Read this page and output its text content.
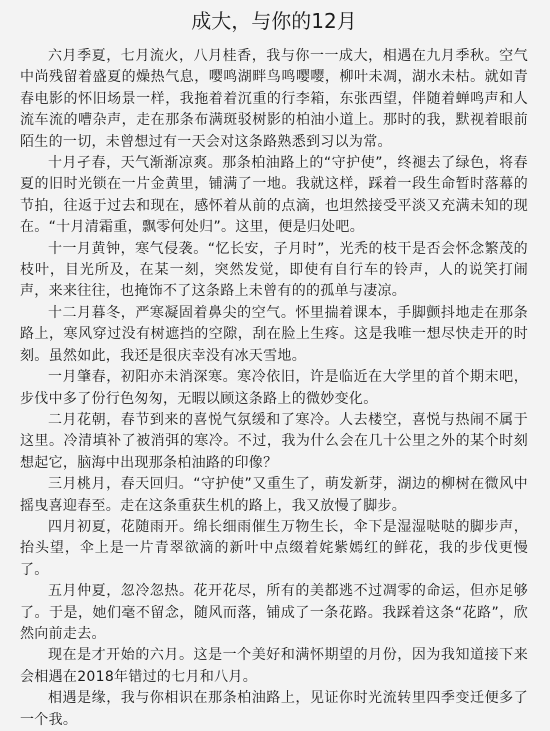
成大，与你的12月

六月季夏，七月流火，八月桂香，我与你一一成大，相遇在九月季秋。空气中尚残留着盛夏的燥热气息，嘤鸣湖畔鸟鸣嘤嘤，柳叶未凋，湖水未枯。就如青春电影的怀旧场景一样，我拖着着沉重的行李箱，东张西望，伴随着蝉鸣声和人流车流的嘈杂声，走在那条布满斑驳树影的柏油小道上。那时的我，默视着眼前陌生的一切，未曾想过有一天会对这条路熟悉到习以为常。

十月孑春，天气渐渐凉爽。那条柏油路上的“守护使”，终褪去了绿色，将春夏的旧时光锁在一片金黄里，铺满了一地。我就这样，踩着一段生命暂时落幕的节拍，往返于过去和现在，感怀着从前的点滴，也坦然接受平淡又充满未知的现在。“十月清霜重，飘零何处归”。这里，便是归处吧。

十一月黄钟，寒气侵袭。“忆长安，子月时”，光秃的枝干是否会怀念繁茂的枝叶，目光所及，在某一刻，突然发觉，即使有自行车的铃声，人的说笑打闹声，来来往往，也掩饰不了这条路上未曾有的的孤单与凄凉。

十二月暮冬，严寒凝固着鼻尖的空气。怀里揣着课本，手脚颤抖地走在那条路上，寒风穿过没有树遮挡的空隙，刮在脸上生疼。这是我唯一想尽快走开的时刻。虽然如此，我还是很庆幸没有冰天雪地。

一月肇春，初阳亦未消深寒。寒冷依旧，许是临近在大学里的首个期末吧，步伐中多了份行色匆匆，无暇以顾这条路上的微妙变化。

二月花朝，春节到来的喜悦气氛缓和了寒冷。人去楼空，喜悦与热闹不属于这里。冷清填补了被消弭的寒冷。不过，我为什么会在几十公里之外的某个时刻想起它，脑海中出现那条柏油路的印像？

三月桃月，春天回归。“守护使”又重生了，萌发新芽，湖边的柳树在微风中摇曳喜迎春至。走在这条重获生机的路上，我又放慢了脚步。

四月初夏，花随雨开。绵长细雨催生万物生长，伞下是湿湿哒哒的脚步声，抬头望，伞上是一片青翠欲滴的新叶中点缀着姹紫嫣红的鲜花，我的步伐更慢了。

五月仲夏，忽冷忽热。花开花尽，所有的美都逃不过凋零的命运，但亦足够了。于是，她们毫不留念，随风而落，铺成了一条花路。我踩着这条“花路”，欣然向前走去。

现在是才开始的六月。这是一个美好和满怀期望的月份，因为我知道接下来会相遇在2018年错过的七月和八月。

相遇是缘，我与你相识在那条柏油路上，见证你时光流转里四季变迁便多了一个我。
